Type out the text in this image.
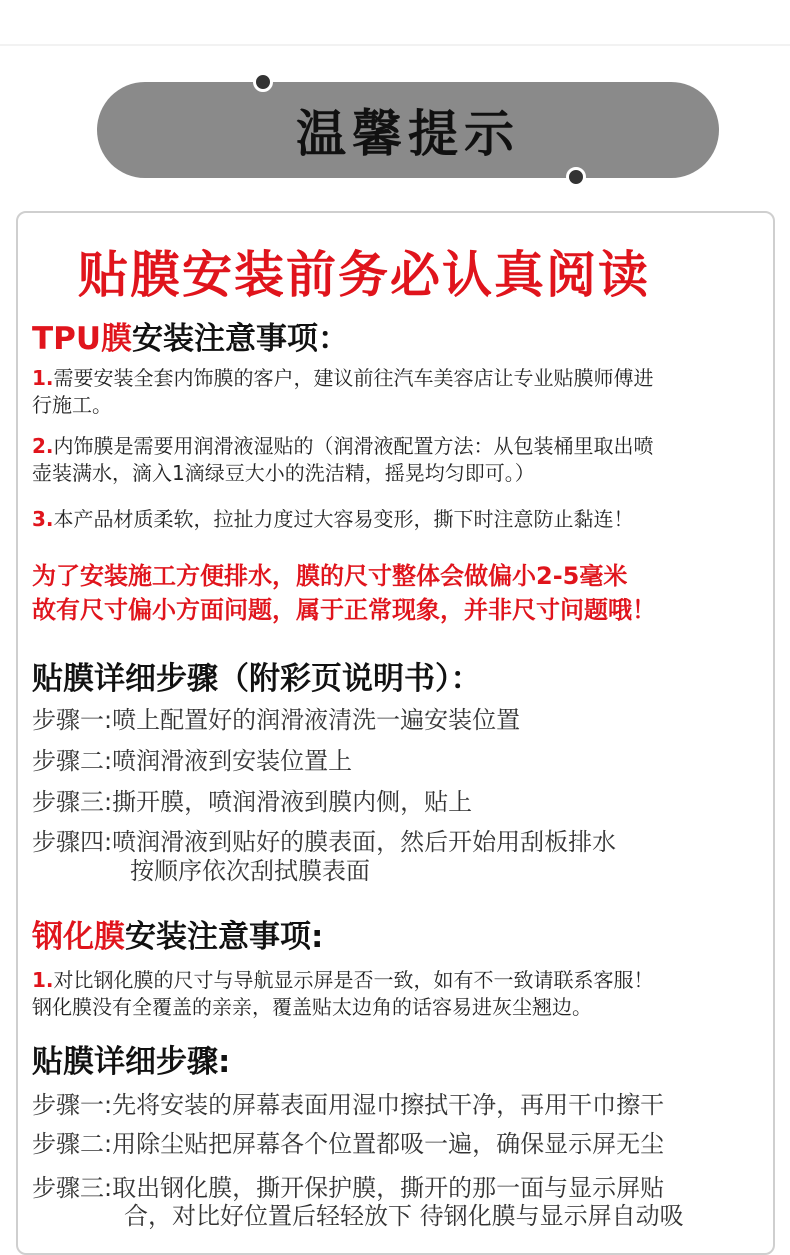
温馨提示
贴膜安装前务必认真阅读
TPU膜安装注意事项：
1.需要安装全套内饰膜的客户，建议前往汽车美容店让专业贴膜师傅进
行施工。
2.内饰膜是需要用润滑液湿贴的（润滑液配置方法：从包装桶里取出喷
壶装满水，滴入1滴绿豆大小的洗洁精，摇晃均匀即可。）
3.本产品材质柔软，拉扯力度过大容易变形，撕下时注意防止黏连！
为了安装施工方便排水，膜的尺寸整体会做偏小2-5毫米
故有尺寸偏小方面问题，属于正常现象，并非尺寸问题哦！
贴膜详细步骤（附彩页说明书）：
步骤一:喷上配置好的润滑液清洗一遍安装位置
步骤二:喷润滑液到安装位置上
步骤三:撕开膜，喷润滑液到膜内侧，贴上
步骤四:喷润滑液到贴好的膜表面，然后开始用刮板排水
按顺序依次刮拭膜表面
钢化膜安装注意事项:
1.对比钢化膜的尺寸与导航显示屏是否一致，如有不一致请联系客服！
钢化膜没有全覆盖的亲亲，覆盖贴太边角的话容易进灰尘翘边。
贴膜详细步骤:
步骤一:先将安装的屏幕表面用湿巾擦拭干净，再用干巾擦干
步骤二:用除尘贴把屏幕各个位置都吸一遍，确保显示屏无尘
步骤三:取出钢化膜，撕开保护膜，撕开的那一面与显示屏贴
合，对比好位置后轻轻放下 待钢化膜与显示屏自动吸
